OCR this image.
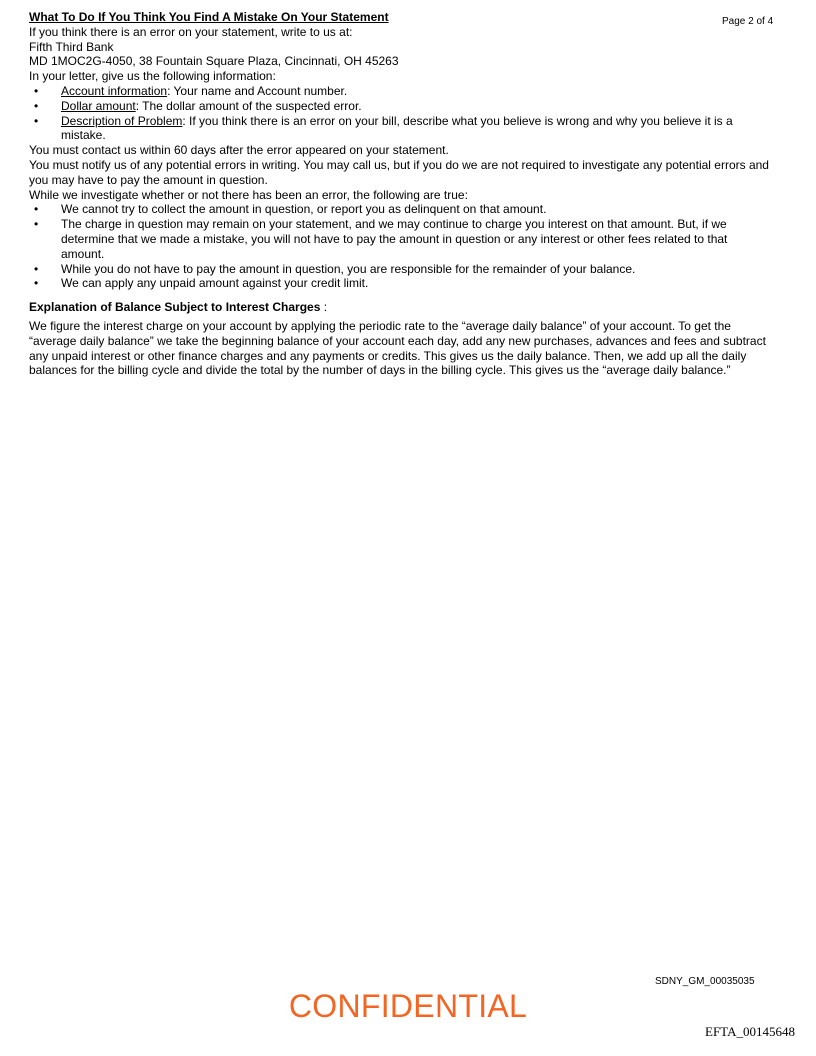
Page 2 of 4

What To Do If You Think You Find A Mistake On Your Statement

If you think there is an error on your statement, write to us at:

Fifth Third Bank

MD 1MOC2G-4050, 38 Fountain Square Plaza, Cincinnati, OH 45263

In your letter, give us the following information:

• Account information: Your name and Account number.
• Dollar amount: The dollar amount of the suspected error.
• Description of Problem: If you think there is an error on your bill, describe what you believe is wrong and why you believe it is a mistake.

You must contact us within 60 days after the error appeared on your statement.

You must notify us of any potential errors in writing. You may call us, but if you do we are not required to investigate any potential errors and you may have to pay the amount in question.

While we investigate whether or not there has been an error, the following are true:

• We cannot try to collect the amount in question, or report you as delinquent on that amount.
• The charge in question may remain on your statement, and we may continue to charge you interest on that amount. But, if we determine that we made a mistake, you will not have to pay the amount in question or any interest or other fees related to that amount.
• While you do not have to pay the amount in question, you are responsible for the remainder of your balance.
• We can apply any unpaid amount against your credit limit.

Explanation of Balance Subject to Interest Charges :

We figure the interest charge on your account by applying the periodic rate to the “average daily balance” of your account. To get the “average daily balance” we take the beginning balance of your account each day, add any new purchases, advances and fees and subtract any unpaid interest or other finance charges and any payments or credits. This gives us the daily balance. Then, we add up all the daily balances for the billing cycle and divide the total by the number of days in the billing cycle. This gives us the “average daily balance.”

SDNY_GM_00035035
CONFIDENTIAL
EFTA_00145648
